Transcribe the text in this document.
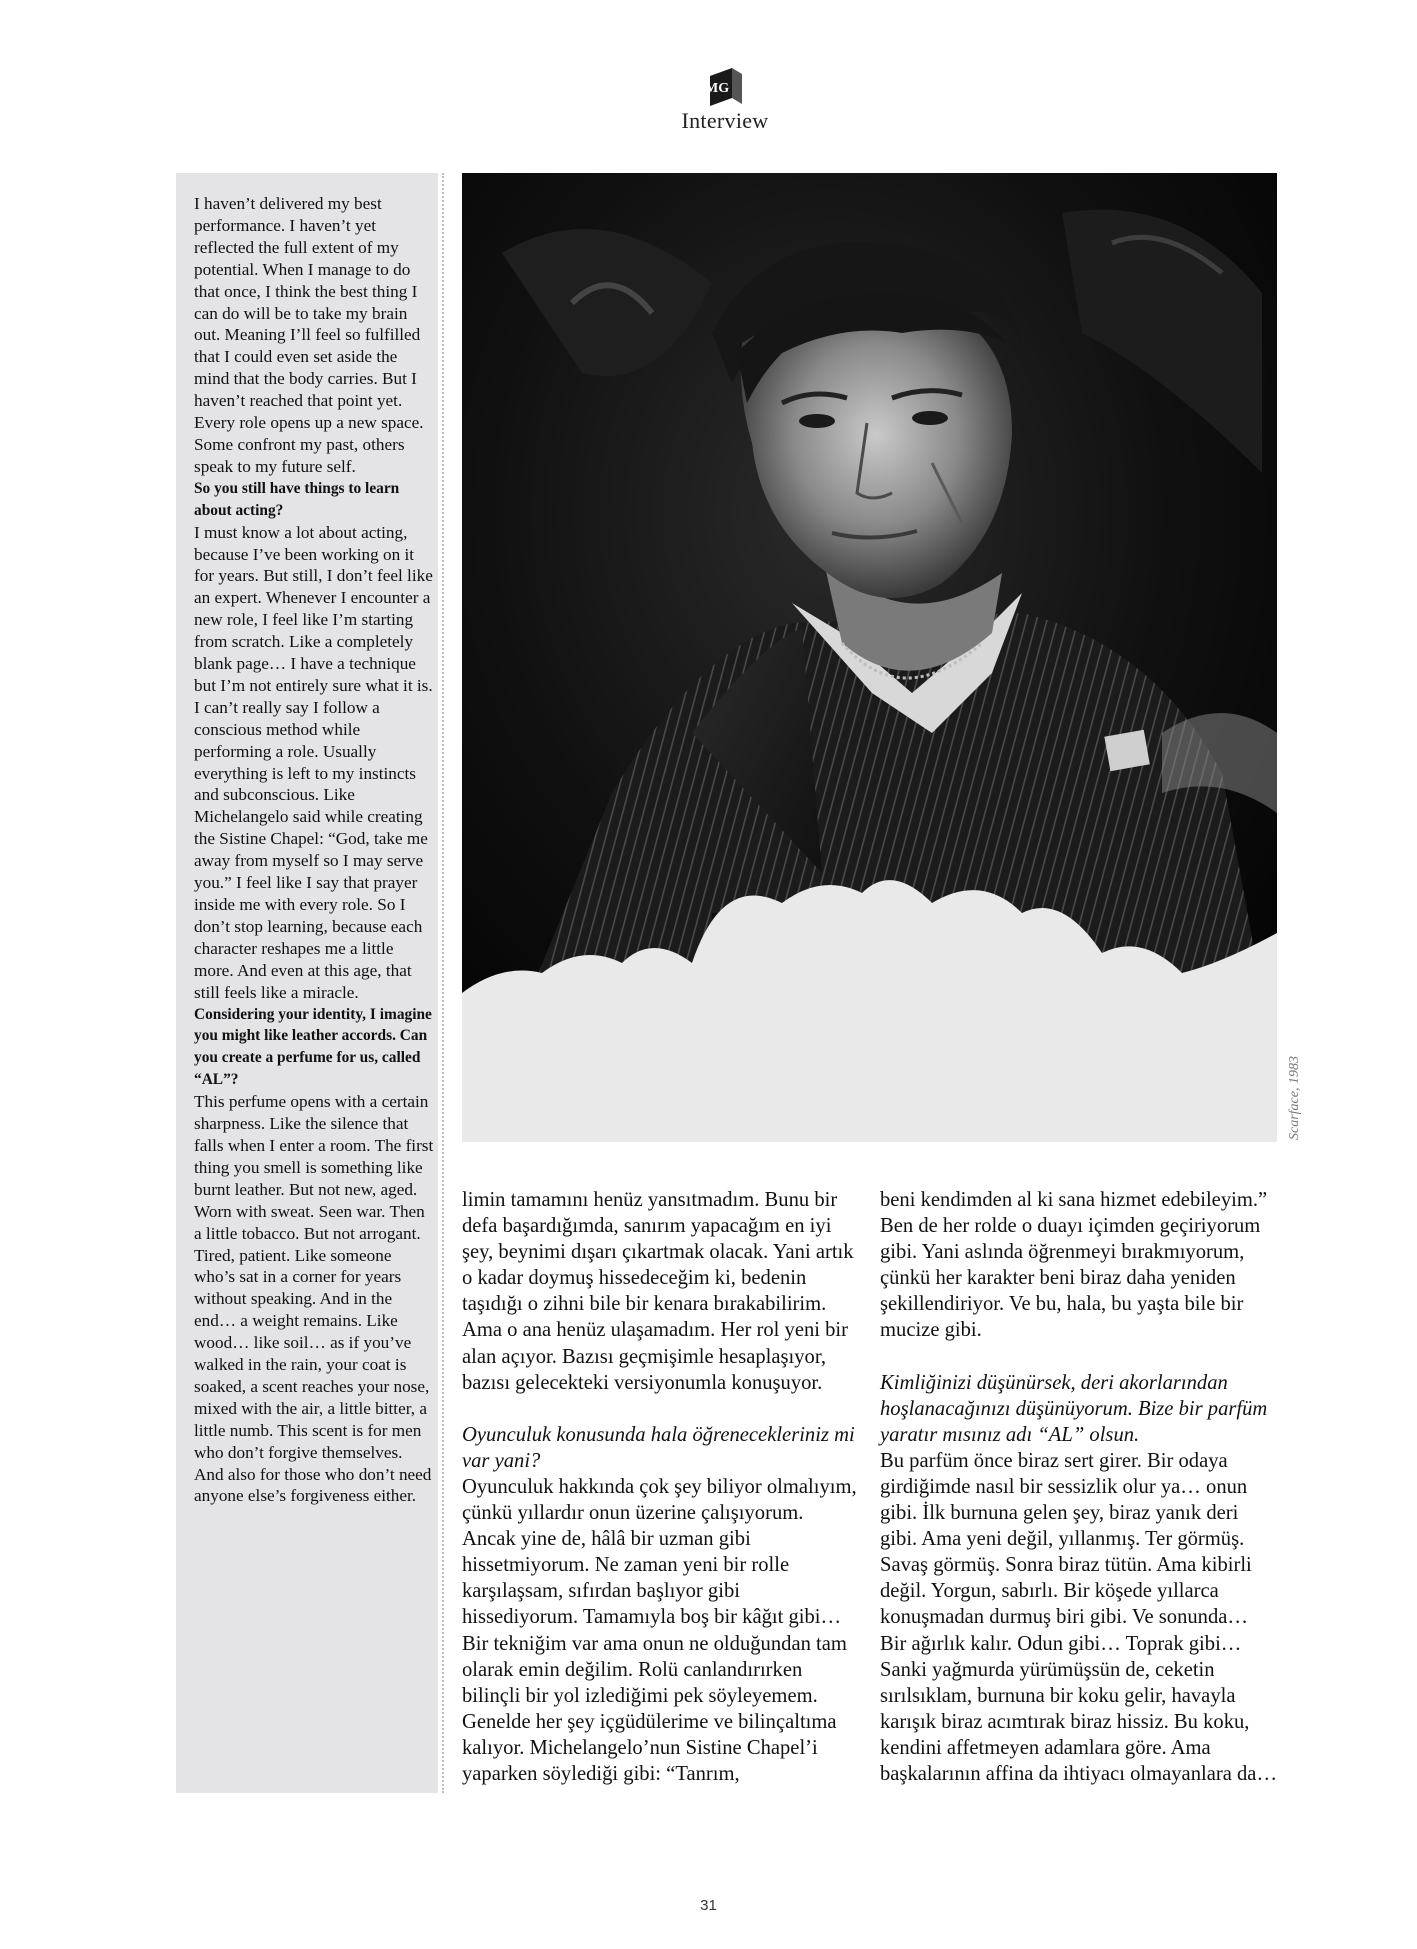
MG
Interview

I haven’t delivered my best performance. I haven’t yet reflected the full extent of my potential. When I manage to do that once, I think the best thing I can do will be to take my brain out. Meaning I’ll feel so fulfilled that I could even set aside the mind that the body carries. But I haven’t reached that point yet. Every role opens up a new space. Some confront my past, others speak to my future self.

So you still have things to learn about acting?

I must know a lot about acting, because I’ve been working on it for years. But still, I don’t feel like an expert. Whenever I encounter a new role, I feel like I’m starting from scratch. Like a completely blank page… I have a technique but I’m not entirely sure what it is. I can’t really say I follow a conscious method while performing a role. Usually everything is left to my instincts and subconscious. Like Michelangelo said while creating the Sistine Chapel: “God, take me away from myself so I may serve you.” I feel like I say that prayer inside me with every role. So I don’t stop learning, because each character reshapes me a little more. And even at this age, that still feels like a miracle.

Considering your identity, I imagine you might like leather accords. Can you create a perfume for us, called “AL”?

This perfume opens with a certain sharpness. Like the silence that falls when I enter a room. The first thing you smell is something like burnt leather. But not new, aged. Worn with sweat. Seen war. Then a little tobacco. But not arrogant. Tired, patient. Like someone who’s sat in a corner for years without speaking. And in the end… a weight remains. Like wood… like soil… as if you’ve walked in the rain, your coat is soaked, a scent reaches your nose, mixed with the air, a little bitter, a little numb. This scent is for men who don’t forgive themselves. And also for those who don’t need anyone else’s forgiveness either.

Scarface, 1983

limin tamamını henüz yansıtmadım. Bunu bir defa başardığımda, sanırım yapacağım en iyi şey, beynimi dışarı çıkartmak olacak. Yani artık o kadar doymuş hissedeceğim ki, bedenin taşıdığı o zihni bile bir kenara bırakabilirim. Ama o ana henüz ulaşamadım. Her rol yeni bir alan açıyor. Bazısı geçmişimle hesaplaşıyor, bazısı gelecekteki versiyonumla konuşuyor.

Oyunculuk konusunda hala öğrenecekleriniz mi var yani?

Oyunculuk hakkında çok şey biliyor olmalıyım, çünkü yıllardır onun üzerine çalışıyorum. Ancak yine de, hâlâ bir uzman gibi hissetmiyorum. Ne zaman yeni bir rolle karşılaşsam, sıfırdan başlıyor gibi hissediyorum. Tamamıyla boş bir kâğıt gibi… Bir tekniğim var ama onun ne olduğundan tam olarak emin değilim. Rolü canlandırırken bilinçli bir yol izlediğimi pek söyleyemem. Genelde her şey içgüdülerime ve bilinçaltıma kalıyor. Michelangelo’nun Sistine Chapel’i yaparken söylediği gibi: “Tanrım,

beni kendimden al ki sana hizmet edebileyim.” Ben de her rolde o duayı içimden geçiriyorum gibi. Yani aslında öğrenmeyi bırakmıyorum, çünkü her karakter beni biraz daha yeniden şekillendiriyor. Ve bu, hala, bu yaşta bile bir mucize gibi.

Kimliğinizi düşünürsek, deri akorlarından hoşlanacağınızı düşünüyorum. Bize bir parfüm yaratır mısınız adı “AL” olsun.

Bu parfüm önce biraz sert girer. Bir odaya girdiğimde nasıl bir sessizlik olur ya… onun gibi. İlk burnuna gelen şey, biraz yanık deri gibi. Ama yeni değil, yıllanmış. Ter görmüş. Savaş görmüş. Sonra biraz tütün. Ama kibirli değil. Yorgun, sabırlı. Bir köşede yıllarca konuşmadan durmuş biri gibi. Ve sonunda… Bir ağırlık kalır. Odun gibi… Toprak gibi… Sanki yağmurda yürümüşsün de, ceketin sırılsıklam, burnuna bir koku gelir, havayla karışık biraz acımtırak biraz hissiz. Bu koku, kendini affetmeyen adamlara göre. Ama başkalarının affina da ihtiyacı olmayanlara da…

31
